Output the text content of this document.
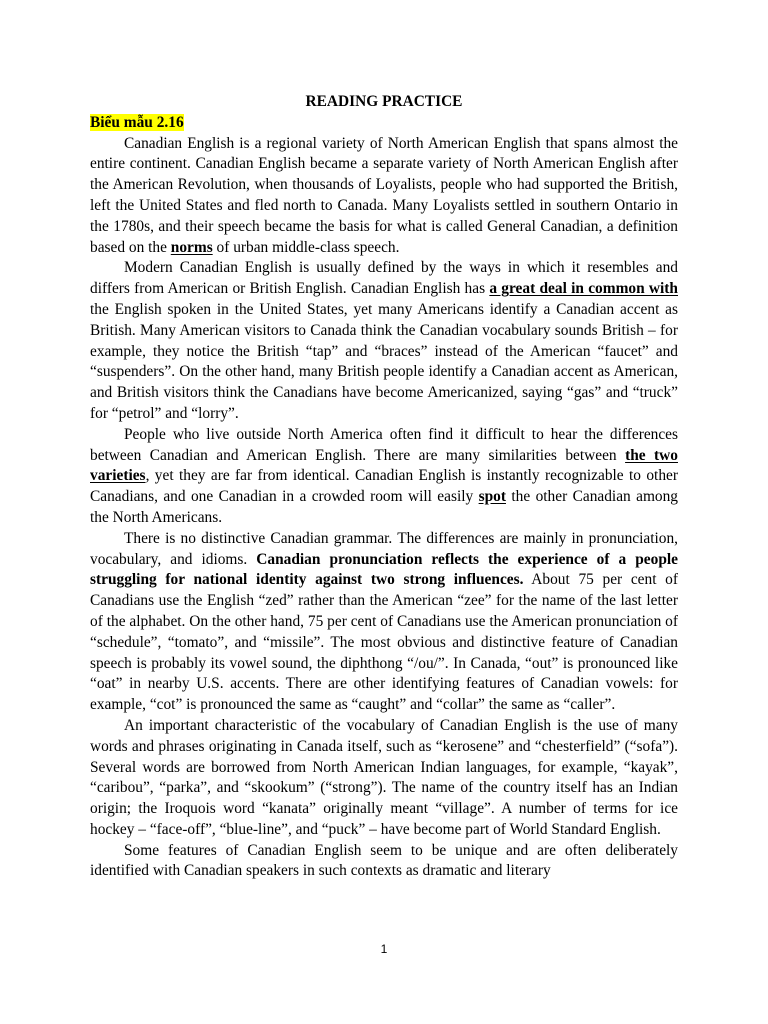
READING PRACTICE

Biểu mẫu 2.16

Canadian English is a regional variety of North American English that spans almost the entire continent. Canadian English became a separate variety of North American English after the American Revolution, when thousands of Loyalists, people who had supported the British, left the United States and fled north to Canada. Many Loyalists settled in southern Ontario in the 1780s, and their speech became the basis for what is called General Canadian, a definition based on the norms of urban middle-class speech.

Modern Canadian English is usually defined by the ways in which it resembles and differs from American or British English. Canadian English has a great deal in common with the English spoken in the United States, yet many Americans identify a Canadian accent as British. Many American visitors to Canada think the Canadian vocabulary sounds British – for example, they notice the British “tap” and “braces” instead of the American “faucet” and “suspenders”. On the other hand, many British people identify a Canadian accent as American, and British visitors think the Canadians have become Americanized, saying “gas” and “truck” for “petrol” and “lorry”.

People who live outside North America often find it difficult to hear the differences between Canadian and American English. There are many similarities between the two varieties, yet they are far from identical. Canadian English is instantly recognizable to other Canadians, and one Canadian in a crowded room will easily spot the other Canadian among the North Americans.

There is no distinctive Canadian grammar. The differences are mainly in pronunciation, vocabulary, and idioms. Canadian pronunciation reflects the experience of a people struggling for national identity against two strong influences. About 75 per cent of Canadians use the English “zed” rather than the American “zee” for the name of the last letter of the alphabet. On the other hand, 75 per cent of Canadians use the American pronunciation of “schedule”, “tomato”, and “missile”. The most obvious and distinctive feature of Canadian speech is probably its vowel sound, the diphthong “/ou/”. In Canada, “out” is pronounced like “oat” in nearby U.S. accents. There are other identifying features of Canadian vowels: for example, “cot” is pronounced the same as “caught” and “collar” the same as “caller”.

An important characteristic of the vocabulary of Canadian English is the use of many words and phrases originating in Canada itself, such as “kerosene” and “chesterfield” (“sofa”). Several words are borrowed from North American Indian languages, for example, “kayak”, “caribou”, “parka”, and “skookum” (“strong”). The name of the country itself has an Indian origin; the Iroquois word “kanata” originally meant “village”. A number of terms for ice hockey – “face-off”, “blue-line”, and “puck” – have become part of World Standard English.

Some features of Canadian English seem to be unique and are often deliberately identified with Canadian speakers in such contexts as dramatic and literary

1
